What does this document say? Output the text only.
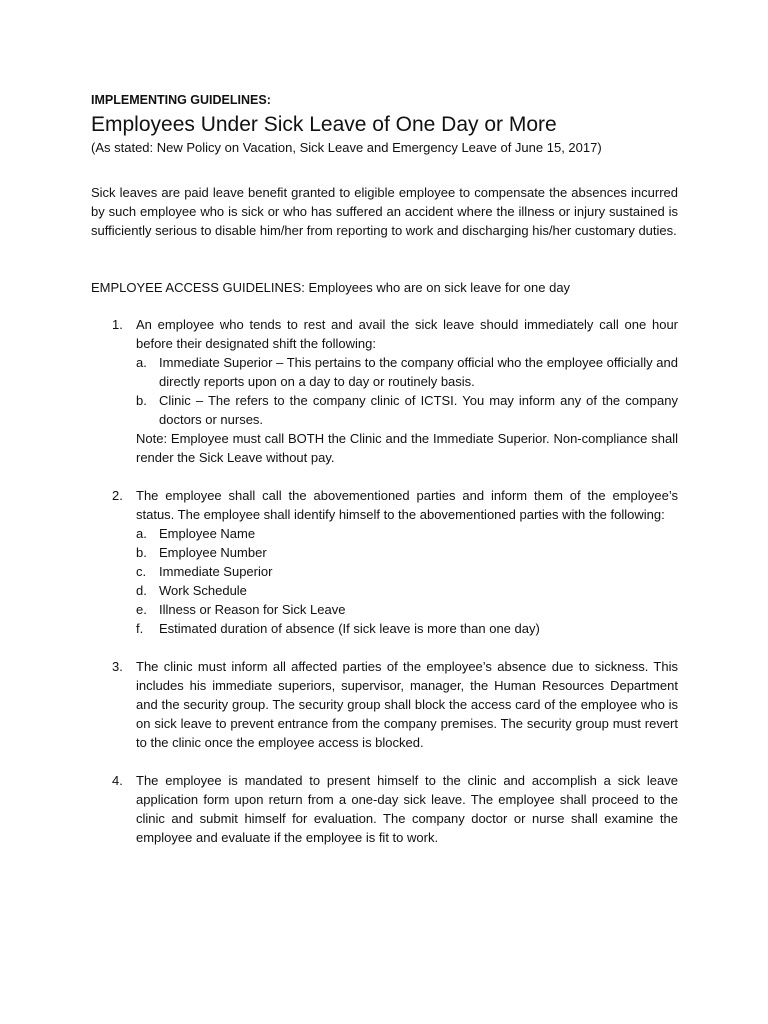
IMPLEMENTING GUIDELINES:

Employees Under Sick Leave of One Day or More

(As stated: New Policy on Vacation, Sick Leave and Emergency Leave of June 15, 2017)

Sick leaves are paid leave benefit granted to eligible employee to compensate the absences incurred by such employee who is sick or who has suffered an accident where the illness or injury sustained is sufficiently serious to disable him/her from reporting to work and discharging his/her customary duties.

EMPLOYEE ACCESS GUIDELINES: Employees who are on sick leave for one day

1. An employee who tends to rest and avail the sick leave should immediately call one hour before their designated shift the following:
a. Immediate Superior – This pertains to the company official who the employee officially and directly reports upon on a day to day or routinely basis.
b. Clinic – The refers to the company clinic of ICTSI. You may inform any of the company doctors or nurses.

Note: Employee must call BOTH the Clinic and the Immediate Superior. Non-compliance shall render the Sick Leave without pay.

2. The employee shall call the abovementioned parties and inform them of the employee’s status. The employee shall identify himself to the abovementioned parties with the following:
a. Employee Name
b. Employee Number
c. Immediate Superior
d. Work Schedule
e. Illness or Reason for Sick Leave
f. Estimated duration of absence (If sick leave is more than one day)
3. The clinic must inform all affected parties of the employee’s absence due to sickness. This includes his immediate superiors, supervisor, manager, the Human Resources Department and the security group. The security group shall block the access card of the employee who is on sick leave to prevent entrance from the company premises. The security group must revert to the clinic once the employee access is blocked.
4. The employee is mandated to present himself to the clinic and accomplish a sick leave application form upon return from a one-day sick leave. The employee shall proceed to the clinic and submit himself for evaluation. The company doctor or nurse shall examine the employee and evaluate if the employee is fit to work.
